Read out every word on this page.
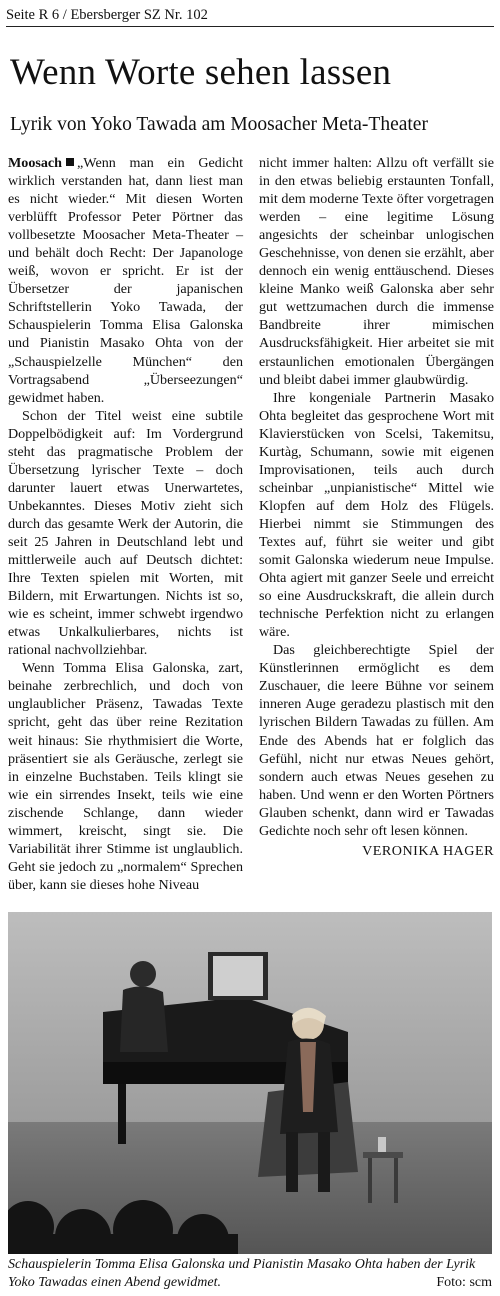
Seite R 6 / Ebersberger SZ Nr. 102
Wenn Worte sehen lassen
Lyrik von Yoko Tawada am Moosacher Meta-Theater

Moosach „Wenn man ein Gedicht wirklich verstanden hat, dann liest man es nicht wieder.“ Mit diesen Worten verblüfft Professor Peter Pörtner das vollbesetzte Moosacher Meta-Theater – und behält doch Recht: Der Japanologe weiß, wovon er spricht. Er ist der Übersetzer der japanischen Schriftstellerin Yoko Tawada, der Schauspielerin Tomma Elisa Galonska und Pianistin Masako Ohta von der „Schauspielzelle München“ den Vortragsabend „Überseezungen“ gewidmet haben.

Schon der Titel weist eine subtile Doppelbödigkeit auf: Im Vordergrund steht das pragmatische Problem der Übersetzung lyrischer Texte – doch darunter lauert etwas Unerwartetes, Unbekanntes. Dieses Motiv zieht sich durch das gesamte Werk der Autorin, die seit 25 Jahren in Deutschland lebt und mittlerweile auch auf Deutsch dichtet: Ihre Texten spielen mit Worten, mit Bildern, mit Erwartungen. Nichts ist so, wie es scheint, immer schwebt irgendwo etwas Unkalkulierbares, nichts ist rational nachvollziehbar.

Wenn Tomma Elisa Galonska, zart, beinahe zerbrechlich, und doch von unglaublicher Präsenz, Tawadas Texte spricht, geht das über reine Rezitation weit hinaus: Sie rhythmisiert die Worte, präsentiert sie als Geräusche, zerlegt sie in einzelne Buchstaben. Teils klingt sie wie ein sirrendes Insekt, teils wie eine zischende Schlange, dann wieder wimmert, kreischt, singt sie. Die Variabilität ihrer Stimme ist unglaublich. Geht sie jedoch zu „normalem“ Sprechen über, kann sie dieses hohe Niveau

nicht immer halten: Allzu oft verfällt sie in den etwas beliebig erstaunten Tonfall, mit dem moderne Texte öfter vorgetragen werden – eine legitime Lösung angesichts der scheinbar unlogischen Geschehnisse, von denen sie erzählt, aber dennoch ein wenig enttäuschend. Dieses kleine Manko weiß Galonska aber sehr gut wettzumachen durch die immense Bandbreite ihrer mimischen Ausdrucksfähigkeit. Hier arbeitet sie mit erstaunlichen emotionalen Übergängen und bleibt dabei immer glaubwürdig.

Ihre kongeniale Partnerin Masako Ohta begleitet das gesprochene Wort mit Klavierstücken von Scelsi, Takemitsu, Kurtàg, Schumann, sowie mit eigenen Improvisationen, teils auch durch scheinbar „unpianistische“ Mittel wie Klopfen auf dem Holz des Flügels. Hierbei nimmt sie Stimmungen des Textes auf, führt sie weiter und gibt somit Galonska wiederum neue Impulse. Ohta agiert mit ganzer Seele und erreicht so eine Ausdruckskraft, die allein durch technische Perfektion nicht zu erlangen wäre.

Das gleichberechtigte Spiel der Künstlerinnen ermöglicht es dem Zuschauer, die leere Bühne vor seinem inneren Auge geradezu plastisch mit den lyrischen Bildern Tawadas zu füllen. Am Ende des Abends hat er folglich das Gefühl, nicht nur etwas Neues gehört, sondern auch etwas Neues gesehen zu haben. Und wenn er den Worten Pörtners Glauben schenkt, dann wird er Tawadas Gedichte noch sehr oft lesen können.

VERONIKA HAGER
Schauspielerin Tomma Elisa Galonska und Pianistin Masako Ohta haben der Lyrik Yoko Tawadas einen Abend gewidmet.	Foto: scm
